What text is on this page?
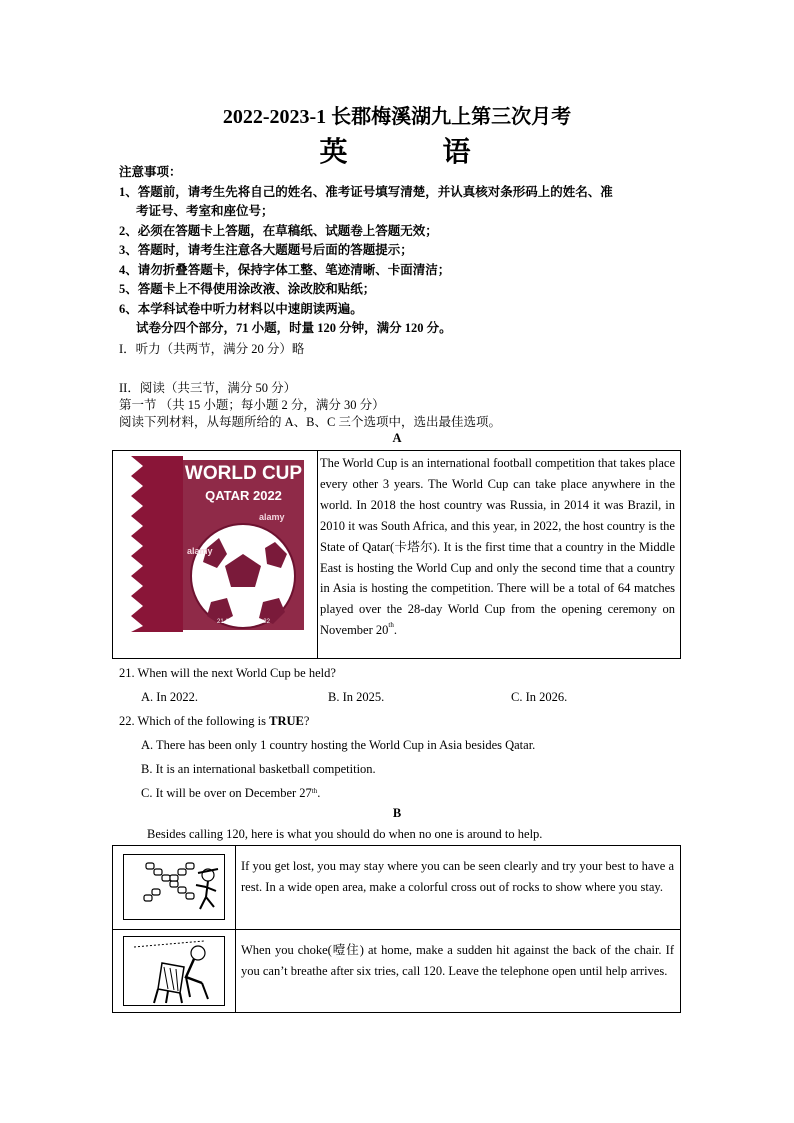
2022-2023-1 长郡梅溪湖九上第三次月考
英 语
注意事项：
1、答题前，请考生先将自己的姓名、准考证号填写清楚，并认真核对条形码上的姓名、准
考证号、考室和座位号；
2、必须在答题卡上答题，在草稿纸、试题卷上答题无效；
3、答题时，请考生注意各大题题号后面的答题提示；
4、请勿折叠答题卡，保持字体工整、笔迹清晰、卡面清洁；
5、答题卡上不得使用涂改液、涂改胶和贴纸；
6、本学科试卷中听力材料以中速朗读两遍。
试卷分四个部分，71 小题，时量 120 分钟，满分 120 分。
I．听力（共两节，满分 20 分）略
II．阅读（共三节，满分 50 分）
第一节 （共 15 小题；每小题 2 分，满分 30 分）
阅读下列材料，从每题所给的 A、B、C 三个选项中，选出最佳选项。
A
WORLD CUP
QATAR 2022
alamy
alamy
21.11.22 – 18.12.22
The World Cup is an international football competition that takes place every other 3 years. The World Cup can take place anywhere in the world. In 2018 the host country was Russia, in 2014 it was Brazil, in 2010 it was South Africa, and this year, in 2022, the host country is the State of Qatar(卡塔尔). It is the first time that a country in the Middle East is hosting the World Cup and only the second time that a country in Asia is hosting the competition. There will be a total of 64 matches played over the 28-day World Cup from the opening ceremony on November 20th.
21. When will the next World Cup be held?
A. In 2022.	B. In 2025.	C. In 2026.
22. Which of the following is TRUE?
A. There has been only 1 country hosting the World Cup in Asia besides Qatar.
B. It is an international basketball competition.
C. It will be over on December 27th.
B
Besides calling 120, here is what you should do when no one is around to help.
If you get lost, you may stay where you can be seen clearly and try your best to have a rest. In a wide open area, make a colorful cross out of rocks to show where you stay.
When you choke(噎住) at home, make a sudden hit against the back of the chair. If you can’t breathe after six tries, call 120. Leave the telephone open until help arrives.
